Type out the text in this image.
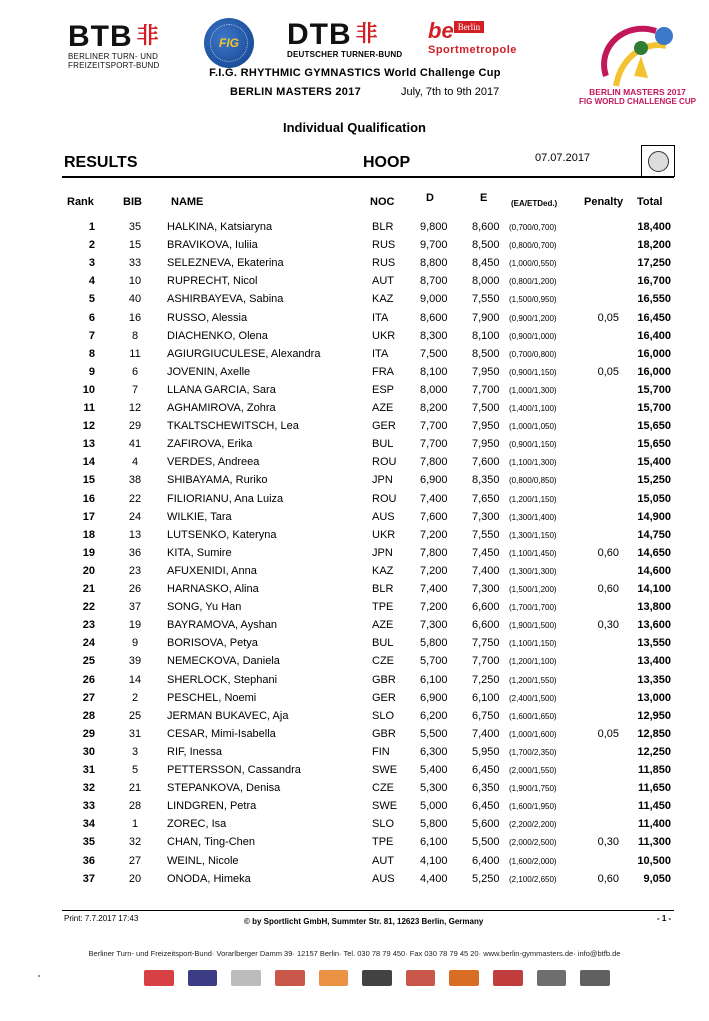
BTB 非
BERLINER TURN- UND
FREIZEITSPORT-BUND
FIG	DTB 非
DEUTSCHER TURNER-BUND
be Berlin
Sportmetropole
BERLIN MASTERS 2017
FIG WORLD CHALLENGE CUP
F.I.G. RHYTHMIC GYMNASTICS World Challenge Cup
BERLIN MASTERS 2017	July, 7th to 9th 2017
Individual Qualification
RESULTS	HOOP	07.07.2017
Rank	BIB	NAME	NOC	D	E	(EA/ETDed.) Penalty Total
1	35	HALKINA, Katsiaryna	BLR 9,800 8,600 (0,700/0,700)	18,400
2	15	BRAVIKOVA, Iuliia	RUS 9,700 8,500 (0,800/0,700)	18,200
3	33	SELEZNEVA, Ekaterina	RUS 8,800 8,450 (1,000/0,550)	17,250
4	10	RUPRECHT, Nicol	AUT 8,700 8,000 (0,800/1,200)	16,700
5	40	ASHIRBAYEVA, Sabina	KAZ 9,000 7,550 (1,500/0,950)	16,550
6	16	RUSSO, Alessia	ITA	8,600 7,900 (0,900/1,200)	0,05	16,450
7	8	DIACHENKO, Olena	UKR 8,300 8,100 (0,900/1,000)	16,400
8	11	AGIURGIUCULESE, Alexandra	ITA	7,500 8,500 (0,700/0,800)	16,000
9	6	JOVENIN, Axelle	FRA 8,100 7,950 (0,900/1,150)	0,05	16,000
10	7	LLANA GARCIA, Sara	ESP 8,000 7,700 (1,000/1,300)	15,700
11	12	AGHAMIROVA, Zohra	AZE 8,200 7,500 (1,400/1,100)	15,700
12	29	TKALTSCHEWITSCH, Lea	GER 7,700 7,950 (1,000/1,050)	15,650
13	41	ZAFIROVA, Erika	BUL 7,700 7,950 (0,900/1,150)	15,650
14	4	VERDES, Andreea	ROU 7,800 7,600 (1,100/1,300)	15,400
15	38	SHIBAYAMA, Ruriko	JPN 6,900 8,350 (0,800/0,850)	15,250
16	22	FILIORIANU, Ana Luiza	ROU 7,400 7,650 (1,200/1,150)	15,050
17	24	WILKIE, Tara	AUS 7,600 7,300 (1,300/1,400)	14,900
18	13	LUTSENKO, Kateryna	UKR 7,200 7,550 (1,300/1,150)	14,750
19	36	KITA, Sumire	JPN 7,800 7,450 (1,100/1,450)	0,60	14,650
20	23	AFUXENIDI, Anna	KAZ 7,200 7,400 (1,300/1,300)	14,600
21	26	HARNASKO, Alina	BLR 7,400 7,300 (1,500/1,200)	0,60	14,100
22	37	SONG, Yu Han	TPE 7,200 6,600 (1,700/1,700)	13,800
23	19	BAYRAMOVA, Ayshan	AZE 7,300 6,600 (1,900/1,500)	0,30	13,600
24	9	BORISOVA, Petya	BUL 5,800 7,750 (1,100/1,150)	13,550
25	39	NEMECKOVA, Daniela	CZE 5,700 7,700 (1,200/1,100)	13,400
26	14	SHERLOCK, Stephani	GBR 6,100 7,250 (1,200/1,550)	13,350
27	2	PESCHEL, Noemi	GER 6,900 6,100 (2,400/1,500)	13,000
28	25	JERMAN BUKAVEC, Aja	SLO 6,200 6,750 (1,600/1,650)	12,950
29	31	CESAR, Mimi-Isabella	GBR 5,500 7,400 (1,000/1,600)	0,05	12,850
30	3	RIF, Inessa	FIN	6,300 5,950 (1,700/2,350)	12,250
31	5	PETTERSSON, Cassandra	SWE 5,400 6,450 (2,000/1,550)	11,850
32	21	STEPANKOVA, Denisa	CZE 5,300 6,350 (1,900/1,750)	11,650
33	28	LINDGREN, Petra	SWE 5,000 6,450 (1,600/1,950)	11,450
34	1	ZOREC, Isa	SLO 5,800 5,600 (2,200/2,200)	11,400
35	32	CHAN, Ting-Chen	TPE 6,100 5,500 (2,000/2,500)	0,30	11,300
36	27	WEINL, Nicole	AUT 4,100 6,400 (1,600/2,000)	10,500
37	20	ONODA, Himeka	AUS 4,400 5,250 (2,100/2,650)	0,60	9,050
Print: 7.7.2017 17:43	© by Sportlicht GmbH, Summter Str. 81, 12623 Berlin, Germany	- 1 -
Berliner Turn- und Freizeitsport-Bund· Vorarlberger Damm 39· 12157 Berlin· Tel. 030 78 79 450· Fax 030 78 79 45 20· www.berlin-gymmasters.de· info@btfb.de
